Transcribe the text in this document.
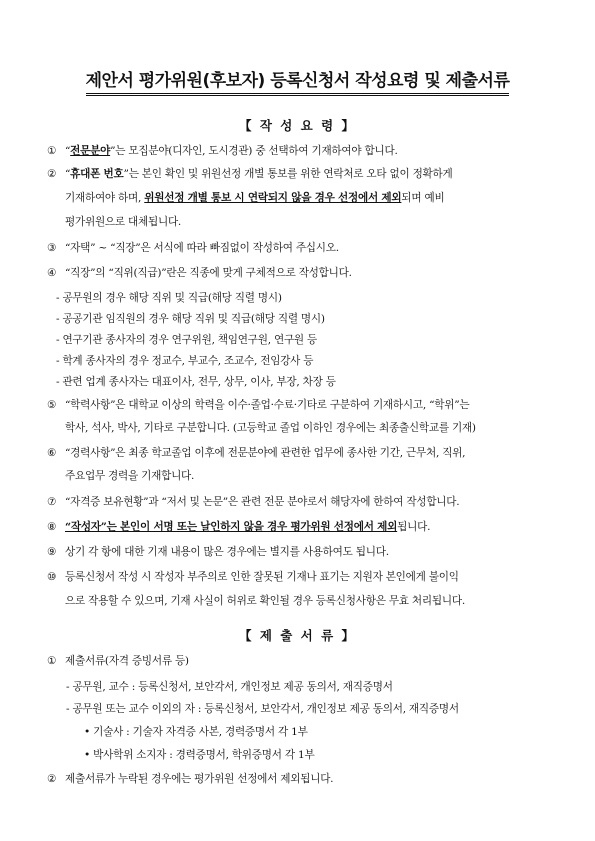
제안서 평가위원(후보자) 등록신청서 작성요령 및 제출서류
【 작 성 요 령 】
① “전문분야”는 모집분야(디자인, 도시경관) 중 선택하여 기재하여야 합니다.
② “휴대폰 번호”는 본인 확인 및 위원선정 개별 통보를 위한 연락처로 오타 없이 정확하게
기재하여야 하며, 위원선정 개별 통보 시 연락되지 않을 경우 선정에서 제외되며 예비
평가위원으로 대체됩니다.
③ “자택” ~ “직장”은 서식에 따라 빠짐없이 작성하여 주십시오.
④ “직장”의 “직위(직급)”란은 직종에 맞게 구체적으로 작성합니다.
- 공무원의 경우 해당 직위 및 직급(해당 직렬 명시)
- 공공기관 임직원의 경우 해당 직위 및 직급(해당 직렬 명시)
- 연구기관 종사자의 경우 연구위원, 책임연구원, 연구원 등
- 학계 종사자의 경우 정교수, 부교수, 조교수, 전임강사 등
- 관련 업계 종사자는 대표이사, 전무, 상무, 이사, 부장, 차장 등
⑤ “학력사항”은 대학교 이상의 학력을 이수·졸업·수료·기타로 구분하여 기재하시고, “학위”는
학사, 석사, 박사, 기타로 구분합니다. (고등학교 졸업 이하인 경우에는 최종출신학교를 기재)
⑥ “경력사항”은 최종 학교졸업 이후에 전문분야에 관련한 업무에 종사한 기간, 근무처, 직위,
주요업무 경력을 기재합니다.
⑦ “자격증 보유현황”과 “저서 및 논문”은 관련 전문 분야로서 해당자에 한하여 작성합니다.
⑧ “작성자”는 본인이 서명 또는 날인하지 않을 경우 평가위원 선정에서 제외됩니다.
⑨ 상기 각 항에 대한 기재 내용이 많은 경우에는 별지를 사용하여도 됩니다.
⑩ 등록신청서 작성 시 작성자 부주의로 인한 잘못된 기재나 표기는 지원자 본인에게 불이익
으로 작용할 수 있으며, 기재 사실이 허위로 확인될 경우 등록신청사항은 무효 처리됩니다.
【 제 출 서 류 】
① 제출서류(자격 증빙서류 등)
- 공무원, 교수 : 등록신청서, 보안각서, 개인정보 제공 동의서, 재직증명서
- 공무원 또는 교수 이외의 자 : 등록신청서, 보안각서, 개인정보 제공 동의서, 재직증명서
• 기술사 : 기술자 자격증 사본, 경력증명서 각 1부
• 박사학위 소지자 : 경력증명서, 학위증명서 각 1부
② 제출서류가 누락된 경우에는 평가위원 선정에서 제외됩니다.
